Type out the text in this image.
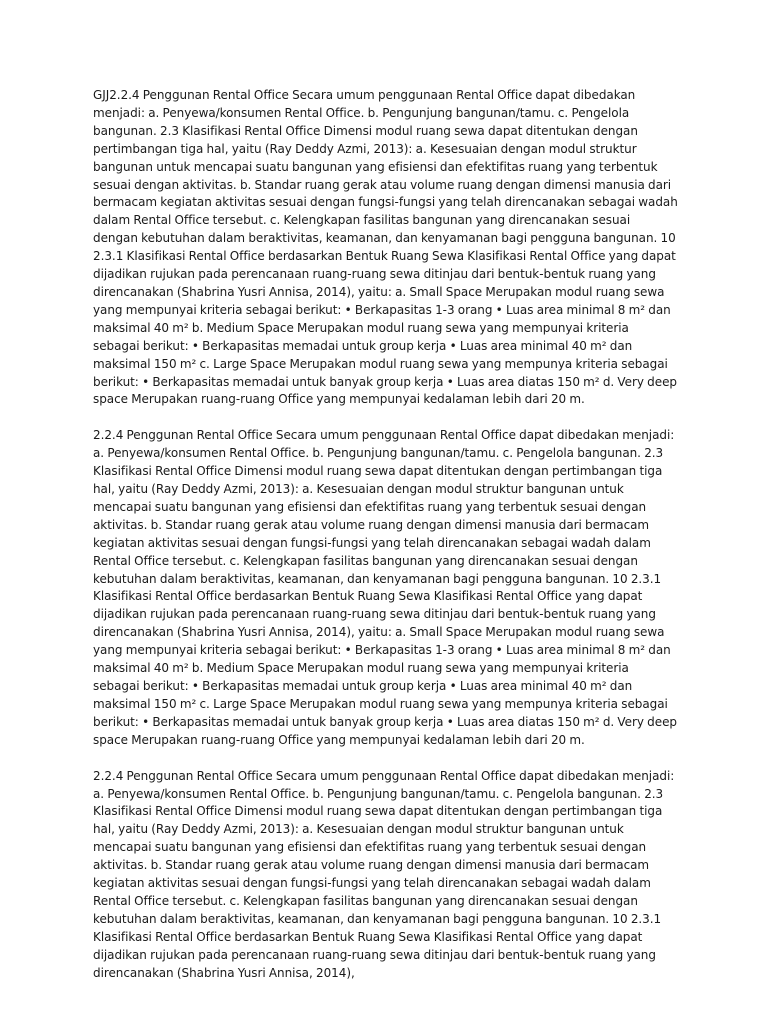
GJJ2.2.4 Penggunan Rental Office Secara umum penggunaan Rental Office dapat dibedakan menjadi: a. Penyewa/konsumen Rental Office. b. Pengunjung bangunan/tamu. c. Pengelola bangunan. 2.3 Klasifikasi Rental Office Dimensi modul ruang sewa dapat ditentukan dengan pertimbangan tiga hal, yaitu (Ray Deddy Azmi, 2013): a. Kesesuaian dengan modul struktur bangunan untuk mencapai suatu bangunan yang efisiensi dan efektifitas ruang yang terbentuk sesuai dengan aktivitas. b. Standar ruang gerak atau volume ruang dengan dimensi manusia dari bermacam kegiatan aktivitas sesuai dengan fungsi-fungsi yang telah direncanakan sebagai wadah dalam Rental Office tersebut. c. Kelengkapan fasilitas bangunan yang direncanakan sesuai dengan kebutuhan dalam beraktivitas, keamanan, dan kenyamanan bagi pengguna bangunan. 10 2.3.1 Klasifikasi Rental Office berdasarkan Bentuk Ruang Sewa Klasifikasi Rental Office yang dapat dijadikan rujukan pada perencanaan ruang-ruang sewa ditinjau dari bentuk-bentuk ruang yang direncanakan (Shabrina Yusri Annisa, 2014), yaitu: a. Small Space Merupakan modul ruang sewa yang mempunyai kriteria sebagai berikut: • Berkapasitas 1-3 orang • Luas area minimal 8 m² dan maksimal 40 m² b. Medium Space Merupakan modul ruang sewa yang mempunyai kriteria sebagai berikut: • Berkapasitas memadai untuk group kerja • Luas area minimal 40 m² dan maksimal 150 m² c. Large Space Merupakan modul ruang sewa yang mempunya kriteria sebagai berikut: • Berkapasitas memadai untuk banyak group kerja • Luas area diatas 150 m² d. Very deep space Merupakan ruang-ruang Office yang mempunyai kedalaman lebih dari 20 m.

2.2.4 Penggunan Rental Office Secara umum penggunaan Rental Office dapat dibedakan menjadi: a. Penyewa/konsumen Rental Office. b. Pengunjung bangunan/tamu. c. Pengelola bangunan. 2.3 Klasifikasi Rental Office Dimensi modul ruang sewa dapat ditentukan dengan pertimbangan tiga hal, yaitu (Ray Deddy Azmi, 2013): a. Kesesuaian dengan modul struktur bangunan untuk mencapai suatu bangunan yang efisiensi dan efektifitas ruang yang terbentuk sesuai dengan aktivitas. b. Standar ruang gerak atau volume ruang dengan dimensi manusia dari bermacam kegiatan aktivitas sesuai dengan fungsi-fungsi yang telah direncanakan sebagai wadah dalam Rental Office tersebut. c. Kelengkapan fasilitas bangunan yang direncanakan sesuai dengan kebutuhan dalam beraktivitas, keamanan, dan kenyamanan bagi pengguna bangunan. 10 2.3.1 Klasifikasi Rental Office berdasarkan Bentuk Ruang Sewa Klasifikasi Rental Office yang dapat dijadikan rujukan pada perencanaan ruang-ruang sewa ditinjau dari bentuk-bentuk ruang yang direncanakan (Shabrina Yusri Annisa, 2014), yaitu: a. Small Space Merupakan modul ruang sewa yang mempunyai kriteria sebagai berikut: • Berkapasitas 1-3 orang • Luas area minimal 8 m² dan maksimal 40 m² b. Medium Space Merupakan modul ruang sewa yang mempunyai kriteria sebagai berikut: • Berkapasitas memadai untuk group kerja • Luas area minimal 40 m² dan maksimal 150 m² c. Large Space Merupakan modul ruang sewa yang mempunya kriteria sebagai berikut: • Berkapasitas memadai untuk banyak group kerja • Luas area diatas 150 m² d. Very deep space Merupakan ruang-ruang Office yang mempunyai kedalaman lebih dari 20 m.

2.2.4 Penggunan Rental Office Secara umum penggunaan Rental Office dapat dibedakan menjadi: a. Penyewa/konsumen Rental Office. b. Pengunjung bangunan/tamu. c. Pengelola bangunan. 2.3 Klasifikasi Rental Office Dimensi modul ruang sewa dapat ditentukan dengan pertimbangan tiga hal, yaitu (Ray Deddy Azmi, 2013): a. Kesesuaian dengan modul struktur bangunan untuk mencapai suatu bangunan yang efisiensi dan efektifitas ruang yang terbentuk sesuai dengan aktivitas. b. Standar ruang gerak atau volume ruang dengan dimensi manusia dari bermacam kegiatan aktivitas sesuai dengan fungsi-fungsi yang telah direncanakan sebagai wadah dalam Rental Office tersebut. c. Kelengkapan fasilitas bangunan yang direncanakan sesuai dengan kebutuhan dalam beraktivitas, keamanan, dan kenyamanan bagi pengguna bangunan. 10 2.3.1 Klasifikasi Rental Office berdasarkan Bentuk Ruang Sewa Klasifikasi Rental Office yang dapat dijadikan rujukan pada perencanaan ruang-ruang sewa ditinjau dari bentuk-bentuk ruang yang direncanakan (Shabrina Yusri Annisa, 2014),
